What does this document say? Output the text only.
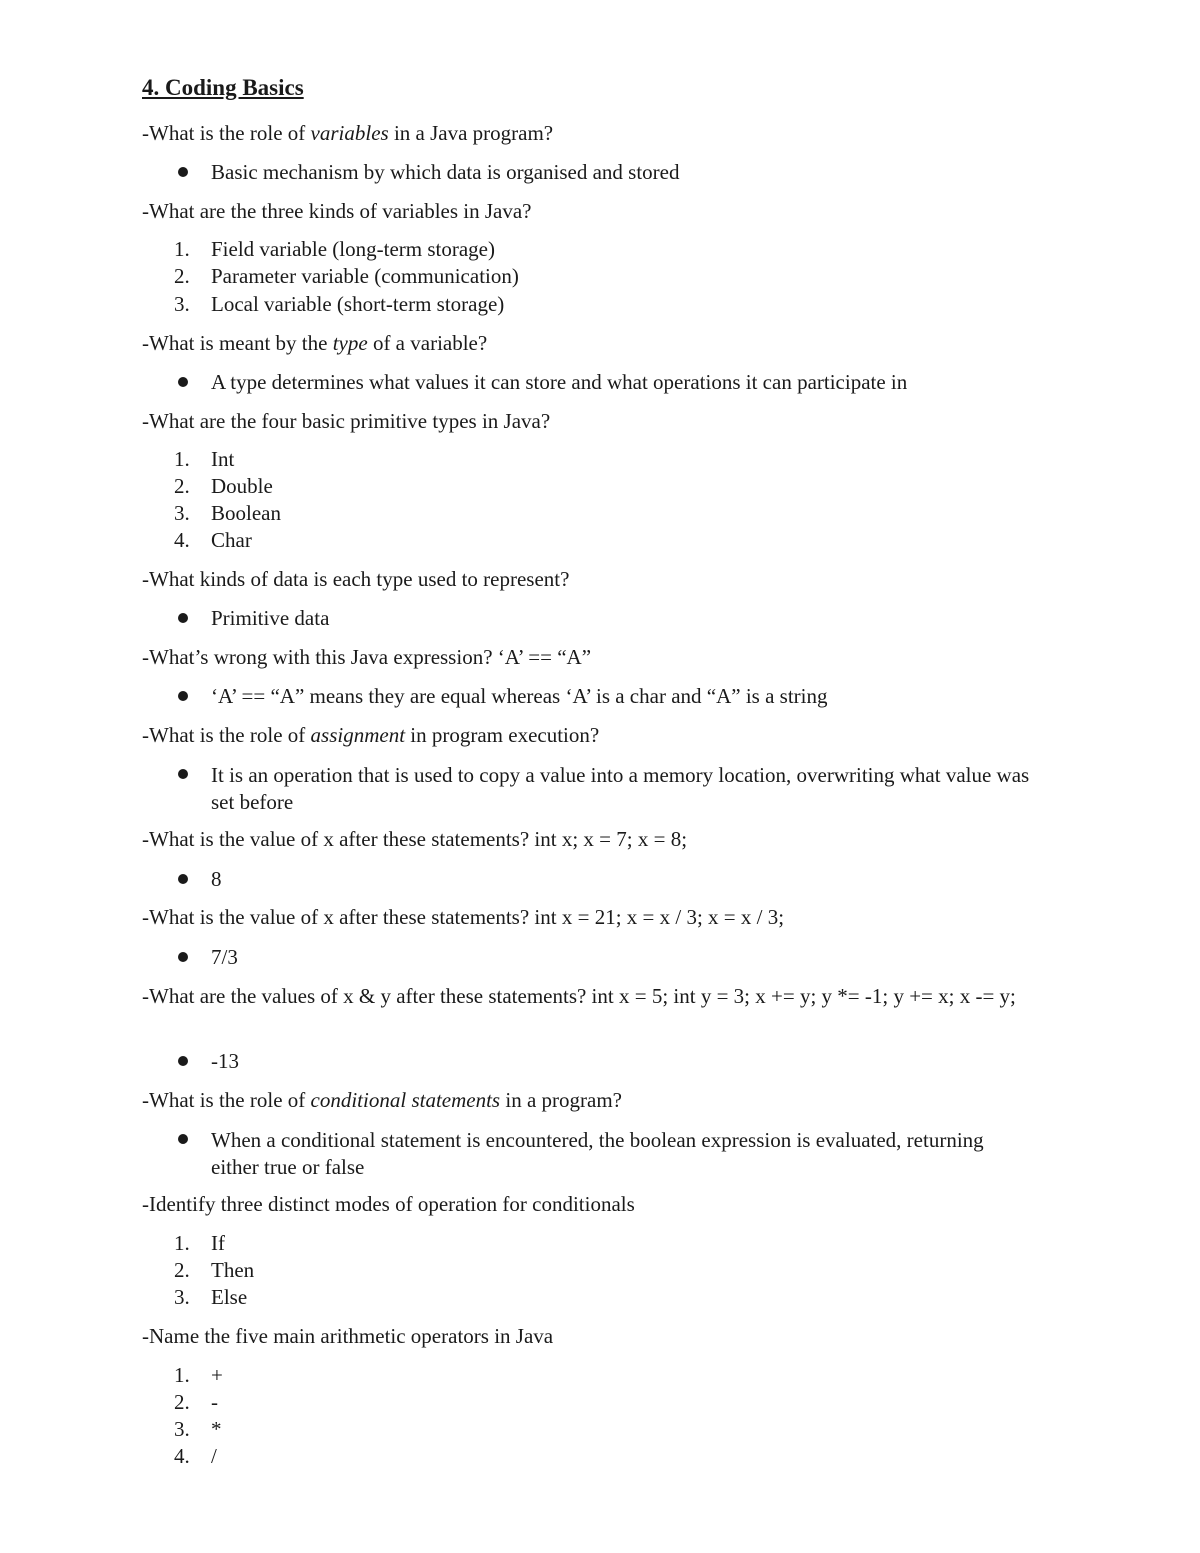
4. Coding Basics
-What is the role of variables in a Java program?
Basic mechanism by which data is organised and stored
-What are the three kinds of variables in Java?
1. Field variable (long-term storage)
2. Parameter variable (communication)
3. Local variable (short-term storage)
-What is meant by the type of a variable?
A type determines what values it can store and what operations it can participate in
-What are the four basic primitive types in Java?
1. Int
2. Double
3. Boolean
4. Char
-What kinds of data is each type used to represent?
Primitive data
-What’s wrong with this Java expression? ‘A’ == “A”
‘A’ == “A” means they are equal whereas ‘A’ is a char and “A” is a string
-What is the role of assignment in program execution?
It is an operation that is used to copy a value into a memory location, overwriting what value was set before
-What is the value of x after these statements? int x; x = 7; x = 8;
8
-What is the value of x after these statements? int x = 21; x = x / 3; x = x / 3;
7/3
-What are the values of x & y after these statements? int x = 5; int y = 3; x += y; y *= -1; y += x; x -= y;
-13
-What is the role of conditional statements in a program?
When a conditional statement is encountered, the boolean expression is evaluated, returning either true or false
-Identify three distinct modes of operation for conditionals
1. If
2. Then
3. Else
-Name the five main arithmetic operators in Java
1. +
2. -
3. *
4. /
